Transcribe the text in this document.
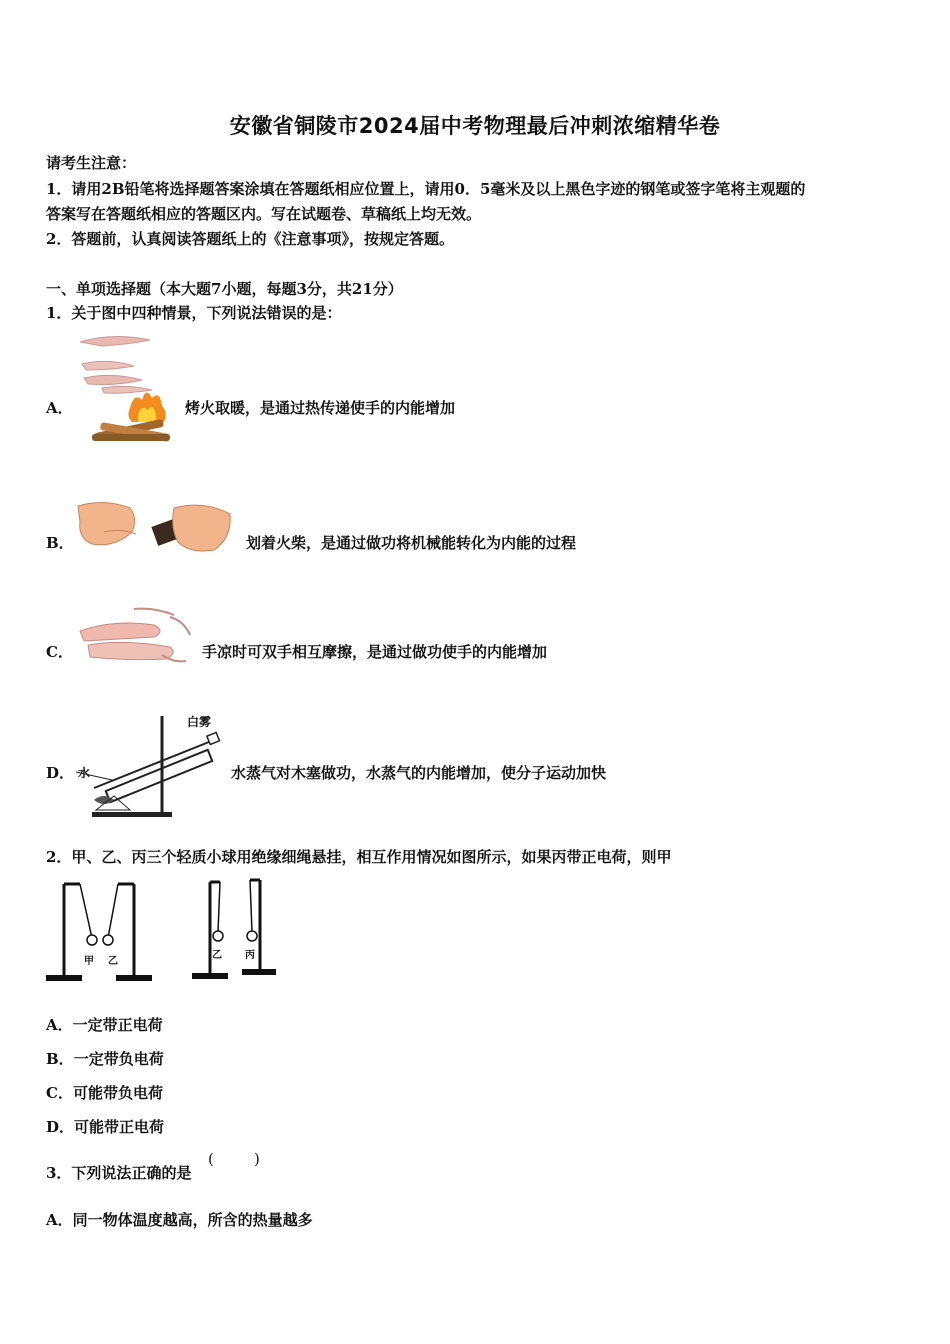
安徽省铜陵市2024届中考物理最后冲刺浓缩精华卷
请考生注意：
1．请用2B铅笔将选择题答案涂填在答题纸相应位置上，请用0．5毫米及以上黑色字迹的钢笔或签字笔将主观题的
答案写在答题纸相应的答题区内。写在试题卷、草稿纸上均无效。
2．答题前，认真阅读答题纸上的《注意事项》，按规定答题。
一、单项选择题（本大题7小题，每题3分，共21分）
1．关于图中四种情景，下列说法错误的是：
A．	烤火取暖，是通过热传递使手的内能增加
B．	划着火柴，是通过做功将机械能转化为内能的过程
C．	手凉时可双手相互摩擦，是通过做功使手的内能增加
D．
白雾
水	水蒸气对木塞做功，水蒸气的内能增加，使分子运动加快
2．甲、乙、丙三个轻质小球用绝缘细绳悬挂，相互作用情况如图所示，如果丙带正电荷，则甲
甲 乙
乙 丙
A．一定带正电荷
B．一定带负电荷
C．可能带负电荷
D．可能带正电荷
3．下列说法正确的是
(	)
A．同一物体温度越高，所含的热量越多
